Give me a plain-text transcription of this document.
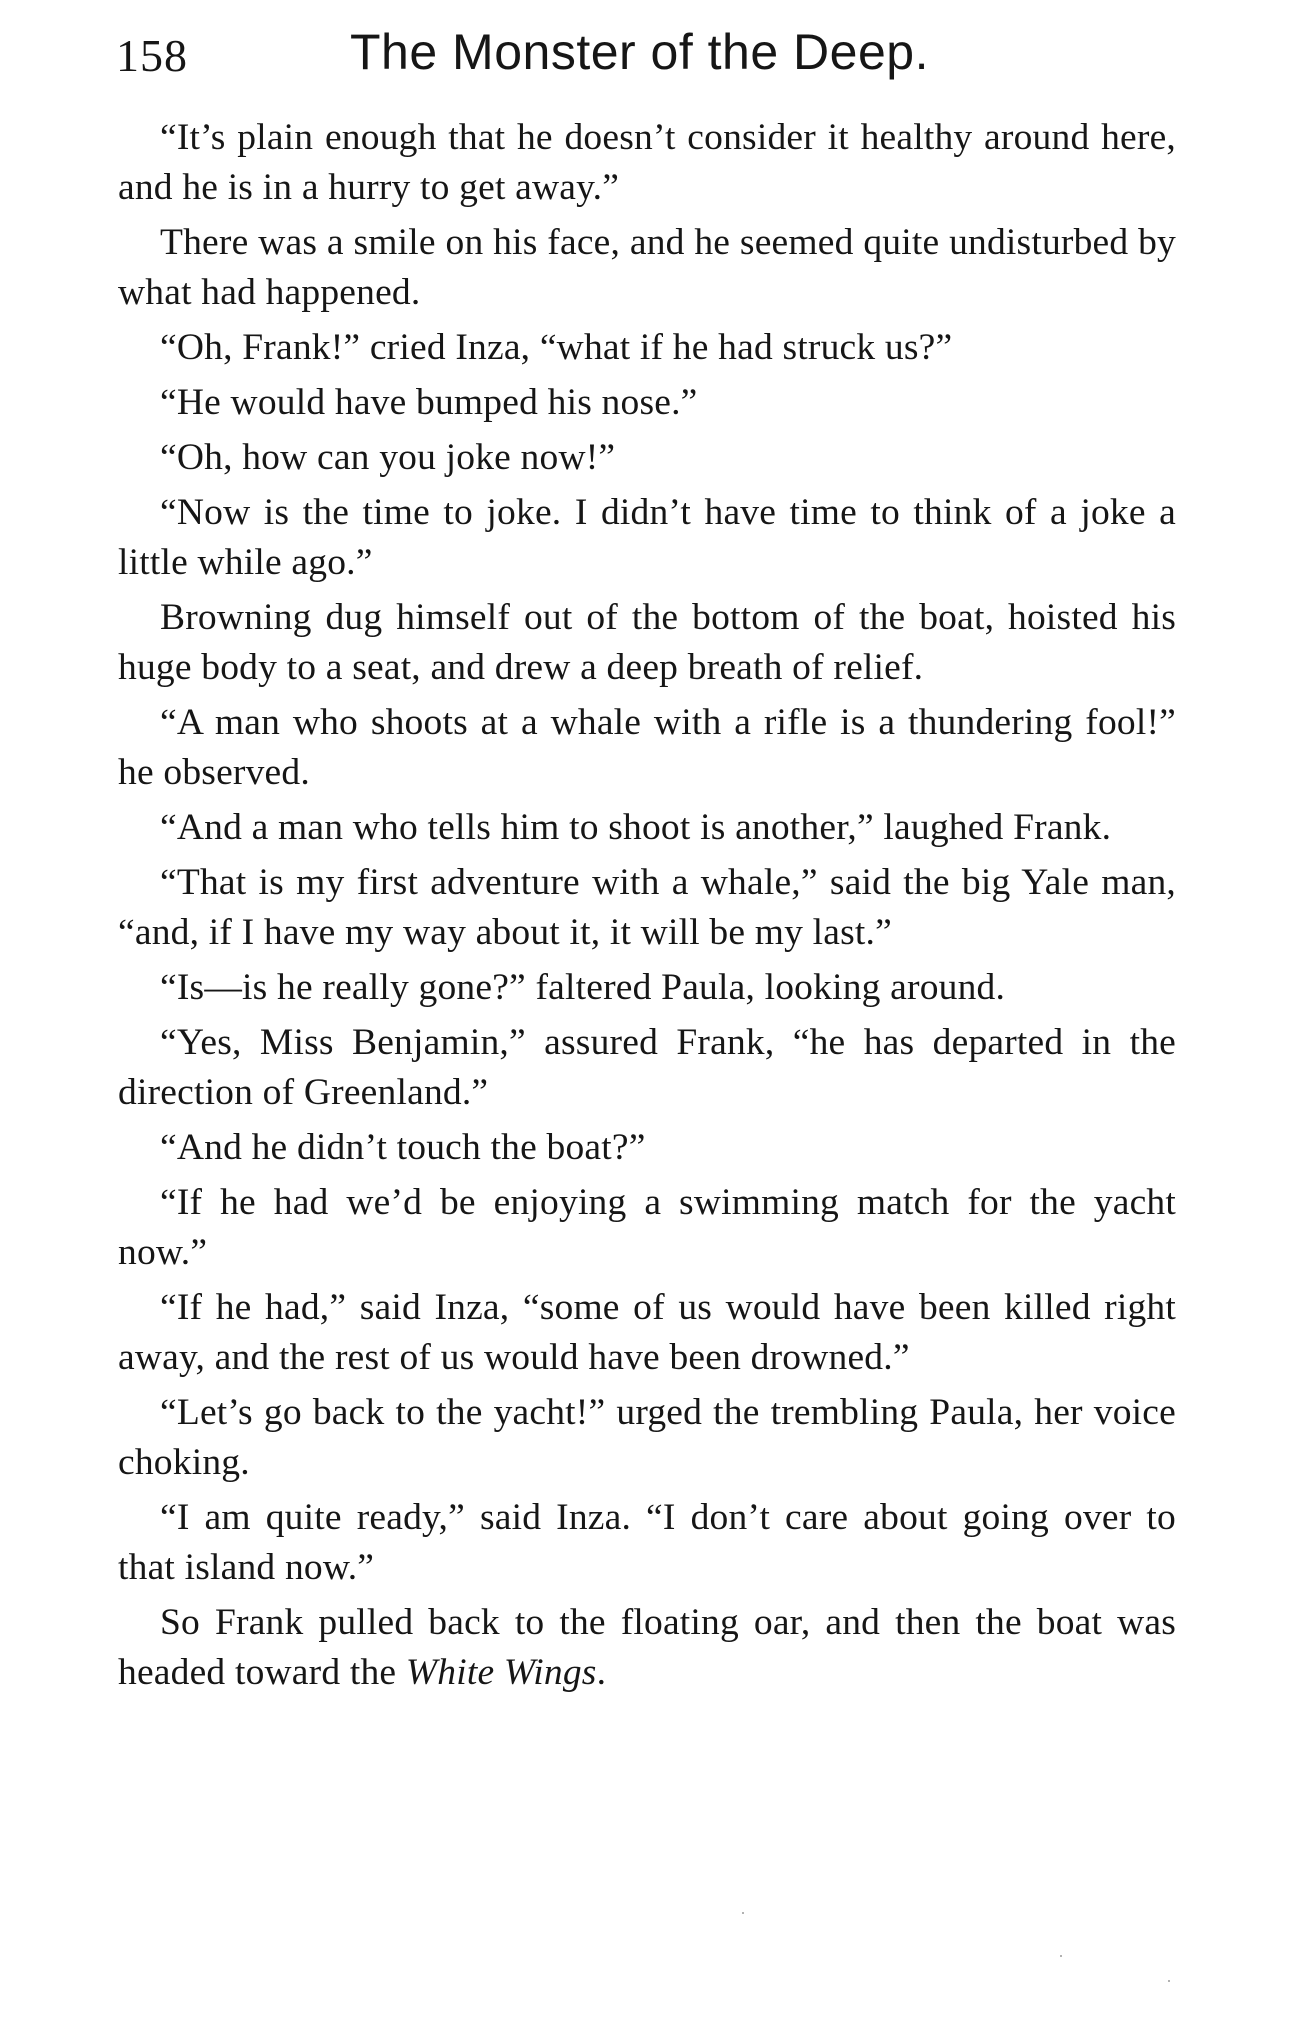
158	The Monster of the Deep.

“It’s plain enough that he doesn’t consider it healthy around here, and he is in a hurry to get away.”

There was a smile on his face, and he seemed quite undisturbed by what had happened.

“Oh, Frank!” cried Inza, “what if he had struck us?”

“He would have bumped his nose.”

“Oh, how can you joke now!”

“Now is the time to joke. I didn’t have time to think of a joke a little while ago.”

Browning dug himself out of the bottom of the boat, hoisted his huge body to a seat, and drew a deep breath of relief.

“A man who shoots at a whale with a rifle is a thundering fool!” he observed.

“And a man who tells him to shoot is another,” laughed Frank.

“That is my first adventure with a whale,” said the big Yale man, “and, if I have my way about it, it will be my last.”

“Is—is he really gone?” faltered Paula, looking around.

“Yes, Miss Benjamin,” assured Frank, “he has departed in the direction of Greenland.”

“And he didn’t touch the boat?”

“If he had we’d be enjoying a swimming match for the yacht now.”

“If he had,” said Inza, “some of us would have been killed right away, and the rest of us would have been drowned.”

“Let’s go back to the yacht!” urged the trembling Paula, her voice choking.

“I am quite ready,” said Inza. “I don’t care about going over to that island now.”

So Frank pulled back to the floating oar, and then the boat was headed toward the White Wings.
